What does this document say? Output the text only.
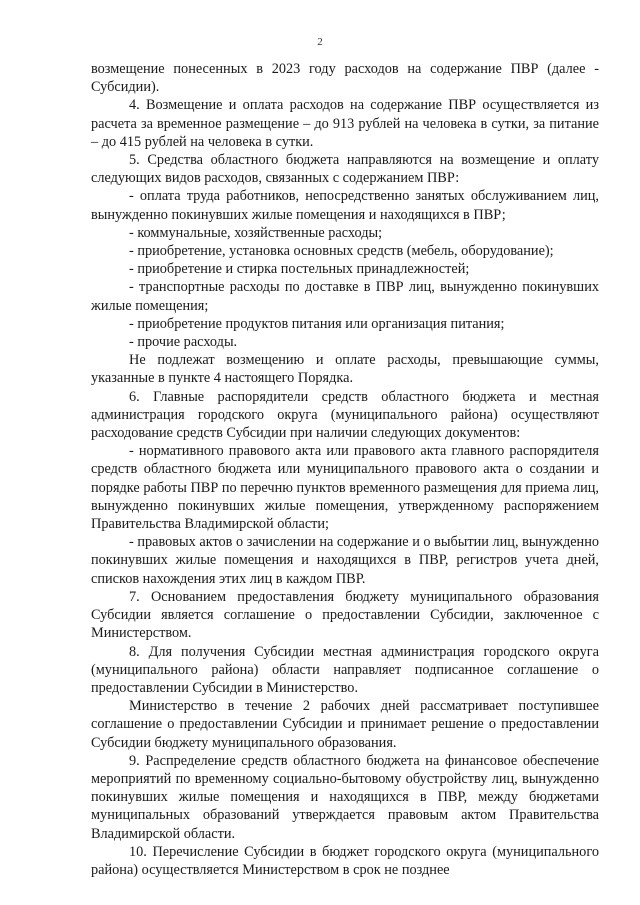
2

возмещение понесенных в 2023 году расходов на содержание ПВР (далее - Субсидии).

4. Возмещение и оплата расходов на содержание ПВР осуществляется из расчета за временное размещение – до 913 рублей на человека в сутки, за питание – до 415 рублей на человека в сутки.

5. Средства областного бюджета направляются на возмещение и оплату следующих видов расходов, связанных с содержанием ПВР:

- оплата труда работников, непосредственно занятых обслуживанием лиц, вынужденно покинувших жилые помещения и находящихся в ПВР;

- коммунальные, хозяйственные расходы;

- приобретение, установка основных средств (мебель, оборудование);

- приобретение и стирка постельных принадлежностей;

- транспортные расходы по доставке в ПВР лиц, вынужденно покинувших жилые помещения;

- приобретение продуктов питания или организация питания;

- прочие расходы.

Не подлежат возмещению и оплате расходы, превышающие суммы, указанные в пункте 4 настоящего Порядка.

6. Главные распорядители средств областного бюджета и местная администрация городского округа (муниципального района) осуществляют расходование средств Субсидии при наличии следующих документов:

- нормативного правового акта или правового акта главного распорядителя средств областного бюджета или муниципального правового акта о создании и порядке работы ПВР по перечню пунктов временного размещения для приема лиц, вынужденно покинувших жилые помещения, утвержденному распоряжением Правительства Владимирской области;

- правовых актов о зачислении на содержание и о выбытии лиц, вынужденно покинувших жилые помещения и находящихся в ПВР, регистров учета дней, списков нахождения этих лиц в каждом ПВР.

7. Основанием предоставления бюджету муниципального образования Субсидии является соглашение о предоставлении Субсидии, заключенное с Министерством.

8. Для получения Субсидии местная администрация городского округа (муниципального района) области направляет подписанное соглашение о предоставлении Субсидии в Министерство.

Министерство в течение 2 рабочих дней рассматривает поступившее соглашение о предоставлении Субсидии и принимает решение о предоставлении Субсидии бюджету муниципального образования.

9. Распределение средств областного бюджета на финансовое обеспечение мероприятий по временному социально-бытовому обустройству лиц, вынужденно покинувших жилые помещения и находящихся в ПВР, между бюджетами муниципальных образований утверждается правовым актом Правительства Владимирской области.

10. Перечисление Субсидии в бюджет городского округа (муниципального района) осуществляется Министерством в срок не позднее
